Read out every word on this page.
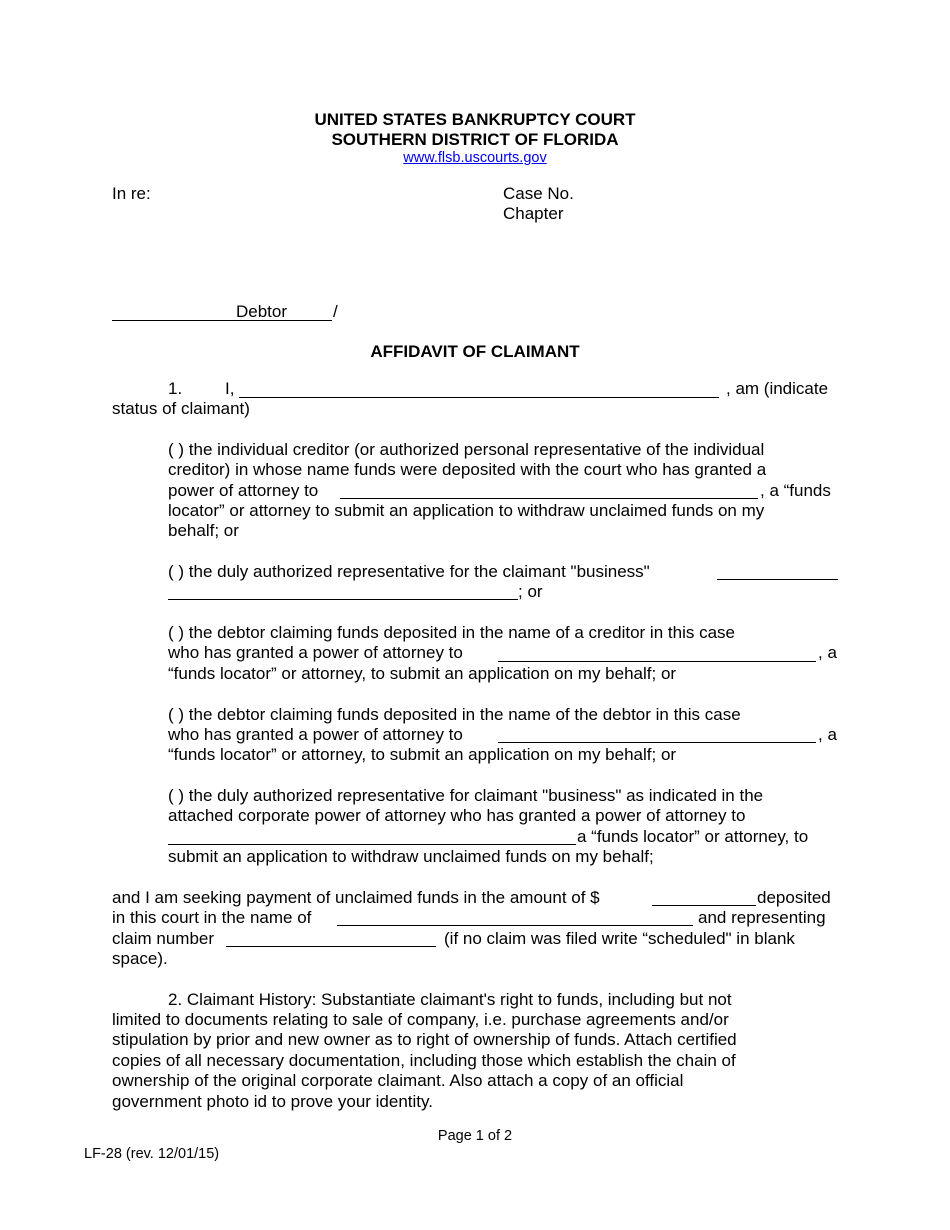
UNITED STATES BANKRUPTCY COURT
SOUTHERN DISTRICT OF FLORIDA
www.flsb.uscourts.gov
In re:	Case No.
Chapter
Debtor	/
AFFIDAVIT OF CLAIMANT
1.	I,	, am (indicate
status of claimant)
( ) the individual creditor (or authorized personal representative of the individual
creditor) in whose name funds were deposited with the court who has granted a
power of attorney to	, a “funds
locator” or attorney to submit an application to withdraw unclaimed funds on my
behalf; or
( ) the duly authorized representative for the claimant "business"
; or
( ) the debtor claiming funds deposited in the name of a creditor in this case
who has granted a power of attorney to	, a
“funds locator” or attorney, to submit an application on my behalf; or
( ) the debtor claiming funds deposited in the name of the debtor in this case
who has granted a power of attorney to	, a
“funds locator” or attorney, to submit an application on my behalf; or
( ) the duly authorized representative for claimant "business" as indicated in the
attached corporate power of attorney who has granted a power of attorney to
a “funds locator” or attorney, to
submit an application to withdraw unclaimed funds on my behalf;
and I am seeking payment of unclaimed funds in the amount of $	deposited
in this court in the name of	and representing
claim number	(if no claim was filed write “scheduled" in blank
space).
2. Claimant History: Substantiate claimant's right to funds, including but not
limited to documents relating to sale of company, i.e. purchase agreements and/or
stipulation by prior and new owner as to right of ownership of funds. Attach certified
copies of all necessary documentation, including those which establish the chain of
ownership of the original corporate claimant. Also attach a copy of an official
government photo id to prove your identity.
Page 1 of 2
LF-28 (rev. 12/01/15)
